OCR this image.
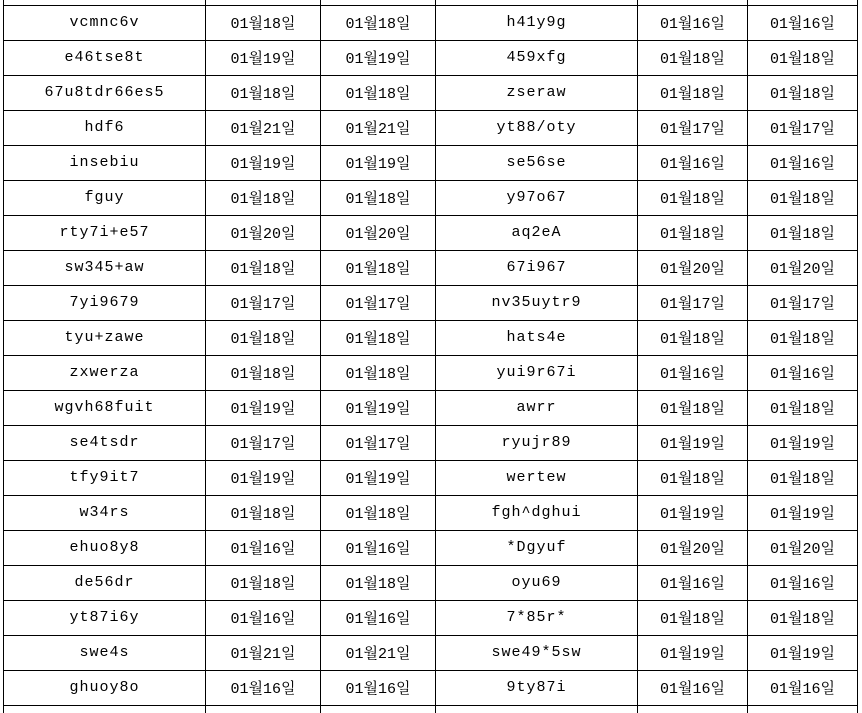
vcmnc6v	01월18일	01월18일	h41y9g	01월16일	01월16일
e46tse8t	01월19일	01월19일	459xfg	01월18일	01월18일
67u8tdr66es5	01월18일	01월18일	zseraw	01월18일	01월18일
hdf6	01월21일	01월21일	yt88/oty	01월17일	01월17일
insebiu	01월19일	01월19일	se56se	01월16일	01월16일
fguy	01월18일	01월18일	y97o67	01월18일	01월18일
rty7i+e57	01월20일	01월20일	aq2eA	01월18일	01월18일
sw345+aw	01월18일	01월18일	67i967	01월20일	01월20일
7yi9679	01월17일	01월17일	nv35uytr9	01월17일	01월17일
tyu+zawe	01월18일	01월18일	hats4e	01월18일	01월18일
zxwerza	01월18일	01월18일	yui9r67i	01월16일	01월16일
wgvh68fuit	01월19일	01월19일	awrr	01월18일	01월18일
se4tsdr	01월17일	01월17일	ryujr89	01월19일	01월19일
tfy9it7	01월19일	01월19일	wertew	01월18일	01월18일
w34rs	01월18일	01월18일	fgh^dghui	01월19일	01월19일
ehuo8y8	01월16일	01월16일	*Dgyuf	01월20일	01월20일
de56dr	01월18일	01월18일	oyu69	01월16일	01월16일
yt87i6y	01월16일	01월16일	7*85r*	01월18일	01월18일
swe4s	01월21일	01월21일	swe49*5sw	01월19일	01월19일
ghuoy8o	01월16일	01월16일	9ty87i	01월16일	01월16일
